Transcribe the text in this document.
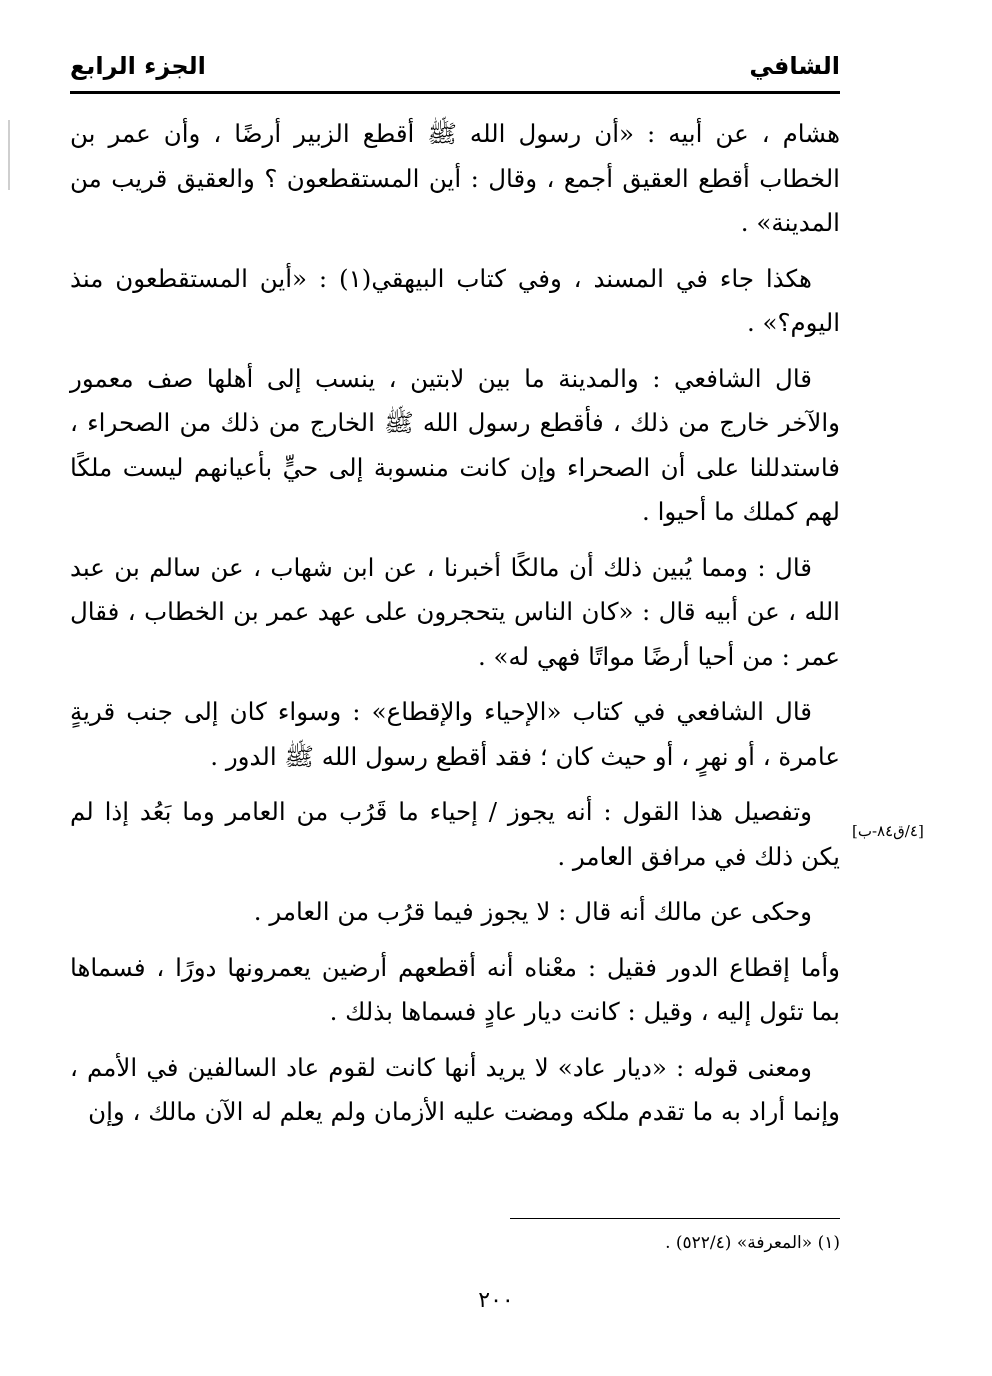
الشافي
الجزء الرابع

هشام ، عن أبيه : «أن رسول الله ﷺ أقطع الزبير أرضًا ، وأن عمر بن الخطاب أقطع العقيق أجمع ، وقال : أين المستقطعون ؟ والعقيق قريب من المدينة» .

هكذا جاء في المسند ، وفي كتاب البيهقي(١) : «أين المستقطعون منذ اليوم؟» .

قال الشافعي : والمدينة ما بين لابتين ، ينسب إلى أهلها صف معمور والآخر خارج من ذلك ، فأقطع رسول الله ﷺ الخارج من ذلك من الصحراء ، فاستدللنا على أن الصحراء وإن كانت منسوبة إلى حيٍّ بأعيانهم ليست ملكًا لهم كملك ما أحيوا .

قال : ومما يُبين ذلك أن مالكًا أخبرنا ، عن ابن شهاب ، عن سالم بن عبد الله ، عن أبيه قال : «كان الناس يتحجرون على عهد عمر بن الخطاب ، فقال عمر : من أحيا أرضًا مواتًا فهي له» .

قال الشافعي في كتاب «الإحياء والإقطاع» : وسواء كان إلى جنب قريةٍ عامرة ، أو نهرٍ ، أو حيث كان ؛ فقد أقطع رسول الله ﷺ الدور .

وتفصيل هذا القول : أنه يجوز / إحياء ما قَرُب من العامر وما بَعُد إذا لم يكن ذلك في مرافق العامر .

وحكى عن مالك أنه قال : لا يجوز فيما قرُب من العامر .

وأما إقطاع الدور فقيل : معْناه أنه أقطعهم أرضين يعمرونها دورًا ، فسماها بما تئول إليه ، وقيل : كانت ديار عادٍ فسماها بذلك .

ومعنى قوله : «ديار عاد» لا يريد أنها كانت لقوم عاد السالفين في الأمم ، وإنما أراد به ما تقدم ملكه ومضت عليه الأزمان ولم يعلم له الآن مالك ، وإن

[٤/ق٨٤-ب]
(١) «المعرفة» (٥٢٢/٤) .
٢٠٠
